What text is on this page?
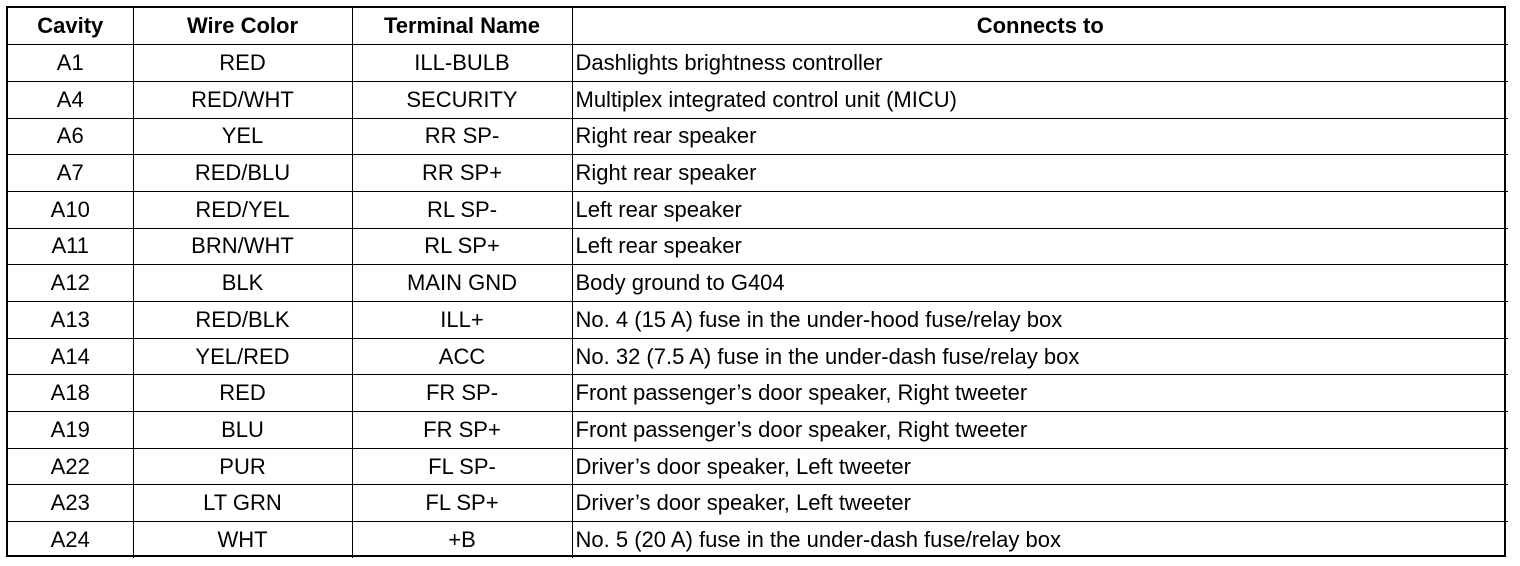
Cavity	Wire Color	Terminal Name	Connects to
A1	RED	ILL-BULB	Dashlights brightness controller
A4	RED/WHT	SECURITY	Multiplex integrated control unit (MICU)
A6	YEL	RR SP-	Right rear speaker
A7	RED/BLU	RR SP+	Right rear speaker
A10	RED/YEL	RL SP-	Left rear speaker
A11	BRN/WHT	RL SP+	Left rear speaker
A12	BLK	MAIN GND	Body ground to G404
A13	RED/BLK	ILL+	No. 4 (15 A) fuse in the under-hood fuse/relay box
A14	YEL/RED	ACC	No. 32 (7.5 A) fuse in the under-dash fuse/relay box
A18	RED	FR SP-	Front passenger’s door speaker, Right tweeter
A19	BLU	FR SP+	Front passenger’s door speaker, Right tweeter
A22	PUR	FL SP-	Driver’s door speaker, Left tweeter
A23	LT GRN	FL SP+	Driver’s door speaker, Left tweeter
A24	WHT	+B	No. 5 (20 A) fuse in the under-dash fuse/relay box
